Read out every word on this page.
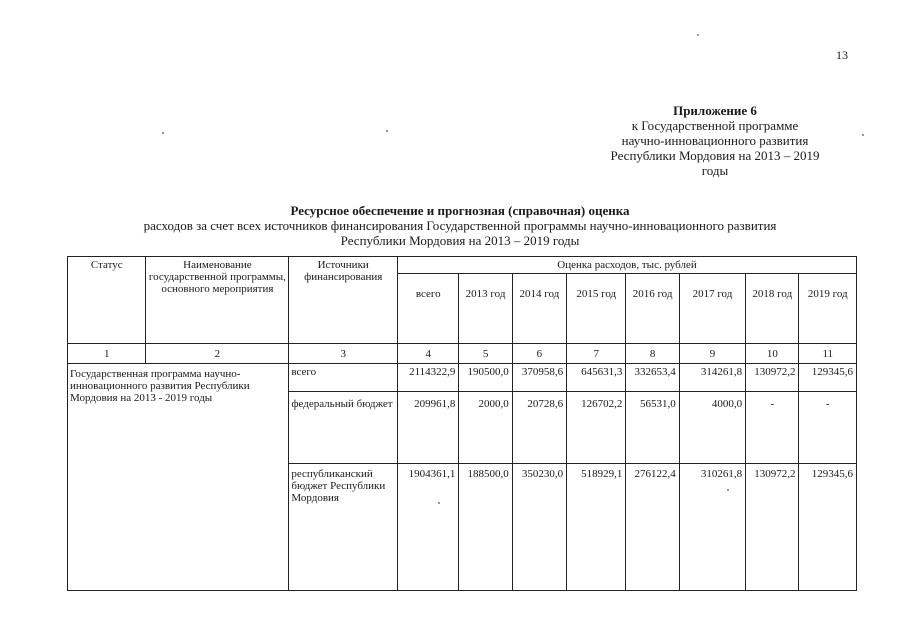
13
Приложение 6
к Государственной программе
научно-инновационного развития
Республики Мордовия на 2013 – 2019
годы
Ресурсное обеспечение и прогнозная (справочная) оценка
расходов за счет всех источников финансирования Государственной программы научно-инновационного развития
Республики Мордовия на 2013 – 2019 годы
Статус	Наименование государственной программы, основного мероприятия	Источники финансирования	Оценка расходов, тыс. рублей							
			всего	2013 год	2014 год	2015 год	2016 год	2017 год	2018 год	2019 год
1	2	3	4	5	6	7	8	9	10	11
Государственная программа научно-инновационного развития Республики Мордовия на 2013 - 2019 годы		всего	2114322,9	190500,0	370958,6	645631,3	332653,4	314261,8	130972,2	129345,6
		федеральный бюджет	209961,8	2000,0	20728,6	126702,2	56531,0	4000,0	-	-
		республиканский бюджет Республики Мордовия	1904361,1	188500,0	350230,0	518929,1	276122,4	310261,8	130972,2	129345,6
